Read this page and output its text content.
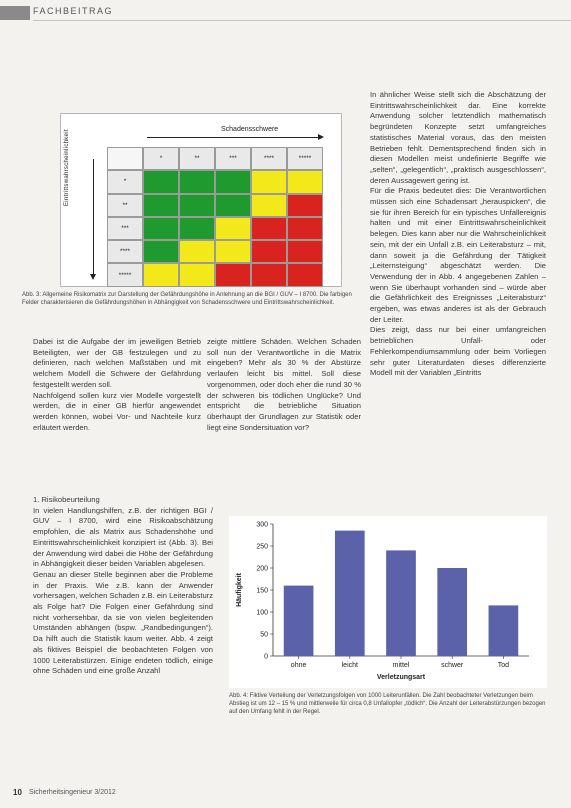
FACHBEITRAG

In ähnlicher Weise stellt sich die Abschätzung der Eintrittswahrscheinlichkeit dar. Eine korrekte Anwendung solcher letztendlich mathematisch begründeten Konzepte setzt umfangreiches statistisches Material voraus, das den meisten Betrieben fehlt. Dementsprechend finden sich in diesen Modellen meist undefinierte Begriffe wie „selten“, „gelegentlich“, „praktisch ausgeschlossen“, deren Aussagewert gering ist.

Für die Praxis bedeutet dies: Die Verantwortlichen müssen sich eine Schadensart „herauspicken“, die sie für ihren Bereich für ein typisches Unfallereignis halten und mit einer Eintrittswahrscheinlichkeit belegen. Dies kann aber nur die Wahrscheinlichkeit sein, mit der ein Unfall z.B. ein Leiterabsturz – mit, dann soweit ja die Gefährdung der Tätigkeit „Leiternsteigung“ abgeschätzt werden. Die Verwendung der in Abb. 4 angegebenen Zahlen – wenn Sie überhaupt vorhanden sind – würde aber die Gefährlichkeit des Ereignisses „Leiterabsturz“ ergeben, was etwas anderes ist als der Gebrauch der Leiter.

Dies zeigt, dass nur bei einer umfangreichen betrieblichen Unfall- oder Fehlerkompendiumsammlung oder beim Vorliegen sehr guter Literaturdaten dieses differenzierte Modell mit der Variablen „Eintritts

Schadensschwere
Eintrittswahrscheinlichkeit	*	**	***	****	*****
*
**
***
****
*****
Abb. 3: Allgemeine Risikomatrix zur Darstellung der Gefährdungshöhe in Anlehnung an die BGI / GUV – I 8700. Die farbigen Felder charakterisieren die Gefährdungshöhen in Abhängigkeit von Schadensschwere und Eintrittswahrscheinlichkeit.

Dabei ist die Aufgabe der im jeweiligen Betrieb Beteiligten, wer der GB festzulegen und zu definieren, nach welchen Maßstäben und mit welchem Modell die Schwere der Gefährdung festgestellt werden soll.

Nachfolgend sollen kurz vier Modelle vorgestellt werden, die in einer GB hierfür angewendet werden können, wobei Vor- und Nachteile kurz erläutert werden.

zeigte mittlere Schäden. Welchen Schaden soll nun der Verantwortliche in die Matrix eingeben? Mehr als 30 % der Abstürze verlaufen leicht bis mittel. Soll diese vorgenommen, oder doch eher die rund 30 % der schweren bis tödlichen Unglücke? Und entspricht die betriebliche Situation überhaupt der Grundlagen zur Statistik oder liegt eine Sondersituation vor?

1. Risikobeurteilung

In vielen Handlungshilfen, z.B. der richtigen BGI / GUV – I 8700, wird eine Risikoabschätzung empfohlen, die als Matrix aus Schadenshöhe und Eintrittswahrscheinlichkeit konzipiert ist (Abb. 3). Bei der Anwendung wird dabei die Höhe der Gefährdung in Abhängigkeit dieser beiden Variablen abgelesen.

Genau an dieser Stelle beginnen aber die Probleme in der Praxis. Wie z.B. kann der Anwender vorhersagen, welchen Schaden z.B. ein Leiterabsturz als Folge hat? Die Folgen einer Gefährdung sind nicht vorhersehbar, da sie von vielen begleitenden Umständen abhängen (bspw. „Randbedingungen“). Da hilft auch die Statistik kaum weiter. Abb. 4 zeigt als fiktives Beispiel die beobachteten Folgen von 1000 Leiterabstürzen. Einige endeten tödlich, einige ohne Schäden und eine große Anzahl

0
50
100
150
200
250
300
ohne	leicht	mittel	schwer	Tod
Verletzungsart
Häufigkeit
Abb. 4: Fiktive Verteilung der Verletzungsfolgen von 1000 Leiterunfällen. Die Zahl beobachteter Verletzungen beim Abstieg ist um 12 – 15 % und mittlerweile für circa 0,8 Unfallopfer „tödlich“. Die Anzahl der Leiterabstürzungen bezogen auf den Umfang fehlt in der Regel.
10 Sicherheitsingenieur 3/2012
